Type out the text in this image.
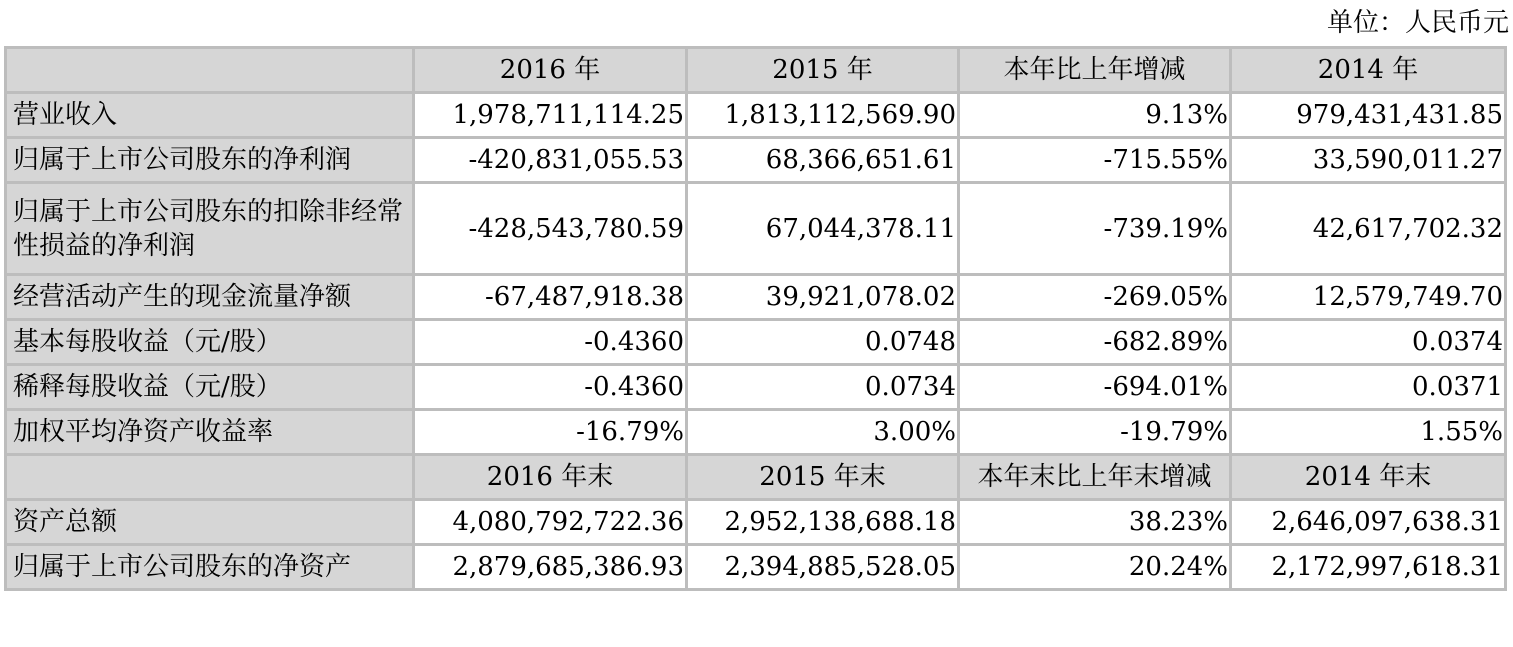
单位：人民币元
	2016 年	2015 年	本年比上年增减	2014 年
营业收入	1,978,711,114.25	1,813,112,569.90	9.13%	979,431,431.85
归属于上市公司股东的净利润	-420,831,055.53	68,366,651.61	-715.55%	33,590,011.27
归属于上市公司股东的扣除非经常性损益的净利润	-428,543,780.59	67,044,378.11	-739.19%	42,617,702.32
经营活动产生的现金流量净额	-67,487,918.38	39,921,078.02	-269.05%	12,579,749.70
基本每股收益（元/股）	-0.4360	0.0748	-682.89%	0.0374
稀释每股收益（元/股）	-0.4360	0.0734	-694.01%	0.0371
加权平均净资产收益率	-16.79%	3.00%	-19.79%	1.55%
	2016 年末	2015 年末	本年末比上年末增减	2014 年末
资产总额	4,080,792,722.36	2,952,138,688.18	38.23%	2,646,097,638.31
归属于上市公司股东的净资产	2,879,685,386.93	2,394,885,528.05	20.24%	2,172,997,618.31
